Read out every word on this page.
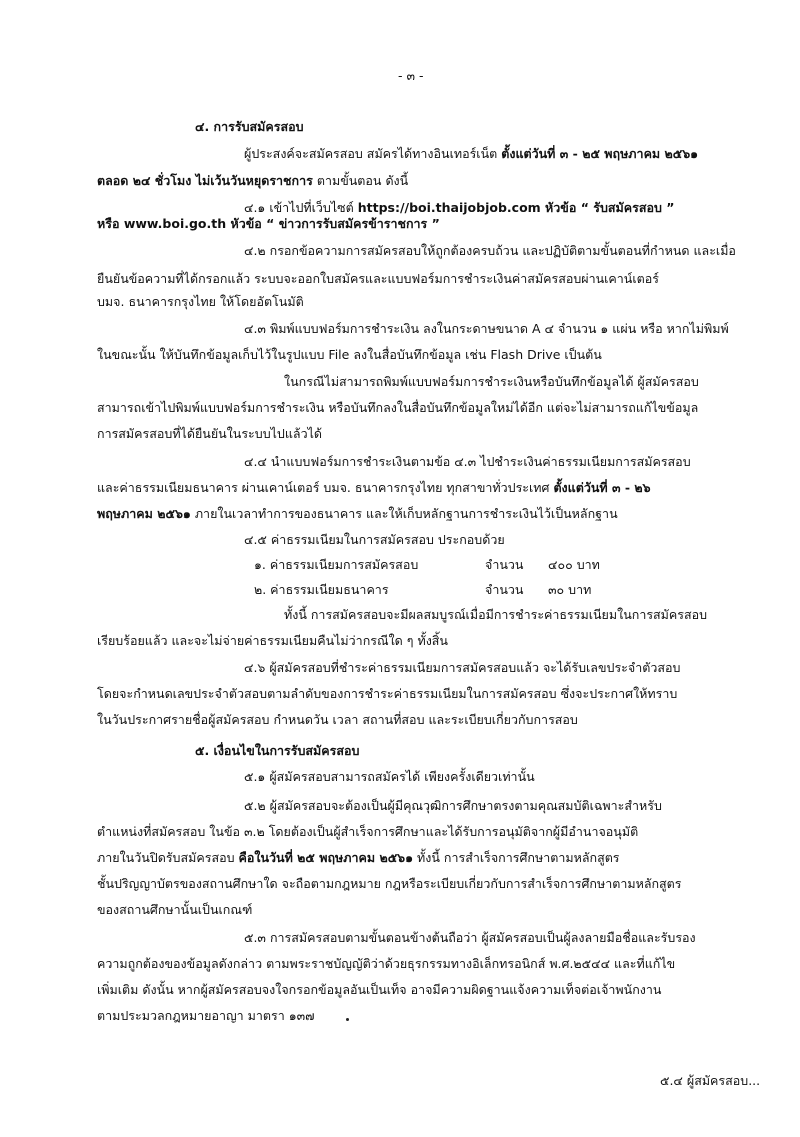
- ๓ -
๔. การรับสมัครสอบ
ผู้ประสงค์จะสมัครสอบ สมัครได้ทางอินเทอร์เน็ต ตั้งแต่วันที่ ๓ - ๒๕ พฤษภาคม ๒๕๖๑
ตลอด ๒๔ ชั่วโมง ไม่เว้นวันหยุดราชการ ตามขั้นตอน ดังนี้
๔.๑ เข้าไปที่เว็บไซต์ https://boi.thaijobjob.com หัวข้อ “ รับสมัครสอบ ”
หรือ www.boi.go.th หัวข้อ “ ข่าวการรับสมัครข้าราชการ ”
๔.๒ กรอกข้อความการสมัครสอบให้ถูกต้องครบถ้วน และปฏิบัติตามขั้นตอนที่กำหนด และเมื่อ
ยืนยันข้อความที่ได้กรอกแล้ว ระบบจะออกใบสมัครและแบบฟอร์มการชำระเงินค่าสมัครสอบผ่านเคาน์เตอร์
บมจ. ธนาคารกรุงไทย ให้โดยอัตโนมัติ
๔.๓ พิมพ์แบบฟอร์มการชำระเงิน ลงในกระดาษขนาด A ๔ จำนวน ๑ แผ่น หรือ หากไม่พิมพ์
ในขณะนั้น ให้บันทึกข้อมูลเก็บไว้ในรูปแบบ File ลงในสื่อบันทึกข้อมูล เช่น Flash Drive เป็นต้น
ในกรณีไม่สามารถพิมพ์แบบฟอร์มการชำระเงินหรือบันทึกข้อมูลได้ ผู้สมัครสอบ
สามารถเข้าไปพิมพ์แบบฟอร์มการชำระเงิน หรือบันทึกลงในสื่อบันทึกข้อมูลใหม่ได้อีก แต่จะไม่สามารถแก้ไขข้อมูล
การสมัครสอบที่ได้ยืนยันในระบบไปแล้วได้
๔.๔ นำแบบฟอร์มการชำระเงินตามข้อ ๔.๓ ไปชำระเงินค่าธรรมเนียมการสมัครสอบ
และค่าธรรมเนียมธนาคาร ผ่านเคาน์เตอร์ บมจ. ธนาคารกรุงไทย ทุกสาขาทั่วประเทศ ตั้งแต่วันที่ ๓ - ๒๖
พฤษภาคม ๒๕๖๑ ภายในเวลาทำการของธนาคาร และให้เก็บหลักฐานการชำระเงินไว้เป็นหลักฐาน
๔.๕ ค่าธรรมเนียมในการสมัครสอบ ประกอบด้วย
๑. ค่าธรรมเนียมการสมัครสอบ	จำนวน ๔๐๐ บาท
๒. ค่าธรรมเนียมธนาคาร	จำนวน ๓๐ บาท
ทั้งนี้ การสมัครสอบจะมีผลสมบูรณ์เมื่อมีการชำระค่าธรรมเนียมในการสมัครสอบ
เรียบร้อยแล้ว และจะไม่จ่ายค่าธรรมเนียมคืนไม่ว่ากรณีใด ๆ ทั้งสิ้น
๔.๖ ผู้สมัครสอบที่ชำระค่าธรรมเนียมการสมัครสอบแล้ว จะได้รับเลขประจำตัวสอบ
โดยจะกำหนดเลขประจำตัวสอบตามลำดับของการชำระค่าธรรมเนียมในการสมัครสอบ ซึ่งจะประกาศให้ทราบ
ในวันประกาศรายชื่อผู้สมัครสอบ กำหนดวัน เวลา สถานที่สอบ และระเบียบเกี่ยวกับการสอบ
๕. เงื่อนไขในการรับสมัครสอบ
๕.๑ ผู้สมัครสอบสามารถสมัครได้ เพียงครั้งเดียวเท่านั้น
๕.๒ ผู้สมัครสอบจะต้องเป็นผู้มีคุณวุฒิการศึกษาตรงตามคุณสมบัติเฉพาะสำหรับ
ตำแหน่งที่สมัครสอบ ในข้อ ๓.๒ โดยต้องเป็นผู้สำเร็จการศึกษาและได้รับการอนุมัติจากผู้มีอำนาจอนุมัติ
ภายในวันปิดรับสมัครสอบ คือในวันที่ ๒๕ พฤษภาคม ๒๕๖๑ ทั้งนี้ การสำเร็จการศึกษาตามหลักสูตร
ชั้นปริญญาบัตรของสถานศึกษาใด จะถือตามกฎหมาย กฎหรือระเบียบเกี่ยวกับการสำเร็จการศึกษาตามหลักสูตร
ของสถานศึกษานั้นเป็นเกณฑ์
๕.๓ การสมัครสอบตามขั้นตอนข้างต้นถือว่า ผู้สมัครสอบเป็นผู้ลงลายมือชื่อและรับรอง
ความถูกต้องของข้อมูลดังกล่าว ตามพระราชบัญญัติว่าด้วยธุรกรรมทางอิเล็กทรอนิกส์ พ.ศ.๒๕๔๔ และที่แก้ไข
เพิ่มเติม ดังนั้น หากผู้สมัครสอบจงใจกรอกข้อมูลอันเป็นเท็จ อาจมีความผิดฐานแจ้งความเท็จต่อเจ้าพนักงาน
ตามประมวลกฎหมายอาญา มาตรา ๑๓๗
๕.๔ ผู้สมัครสอบ...
